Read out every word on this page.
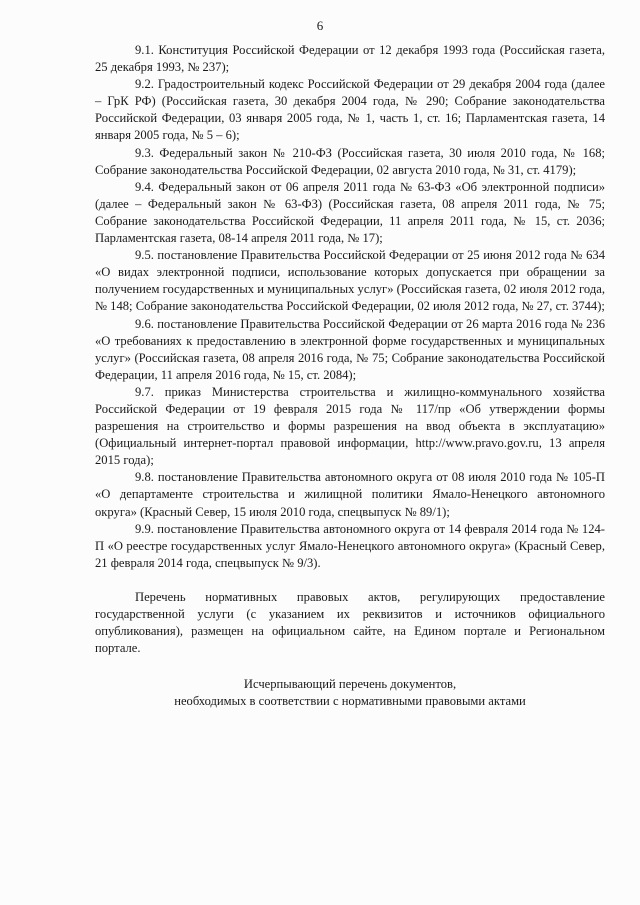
6

9.1. Конституция Российской Федерации от 12 декабря 1993 года (Российская газета, 25 декабря 1993, № 237);

9.2. Градостроительный кодекс Российской Федерации от 29 декабря 2004 года (далее – ГрК РФ) (Российская газета, 30 декабря 2004 года, № 290; Собрание законодательства Российской Федерации, 03 января 2005 года, № 1, часть 1, ст. 16; Парламентская газета, 14 января 2005 года, № 5 – 6);

9.3. Федеральный закон № 210-ФЗ (Российская газета, 30 июля 2010 года, № 168; Собрание законодательства Российской Федерации, 02 августа 2010 года, № 31, ст. 4179);

9.4. Федеральный закон от 06 апреля 2011 года № 63-ФЗ «Об электронной подписи» (далее – Федеральный закон № 63-ФЗ) (Российская газета, 08 апреля 2011 года, № 75; Собрание законодательства Российской Федерации, 11 апреля 2011 года, № 15, ст. 2036; Парламентская газета, 08-14 апреля 2011 года, № 17);

9.5. постановление Правительства Российской Федерации от 25 июня 2012 года № 634 «О видах электронной подписи, использование которых допускается при обращении за получением государственных и муниципальных услуг» (Российская газета, 02 июля 2012 года, № 148; Собрание законодательства Российской Федерации, 02 июля 2012 года, № 27, ст. 3744);

9.6. постановление Правительства Российской Федерации от 26 марта 2016 года № 236 «О требованиях к предоставлению в электронной форме государственных и муниципальных услуг» (Российская газета, 08 апреля 2016 года, № 75; Собрание законодательства Российской Федерации, 11 апреля 2016 года, № 15, ст. 2084);

9.7. приказ Министерства строительства и жилищно-коммунального хозяйства Российской Федерации от 19 февраля 2015 года № 117/пр «Об утверждении формы разрешения на строительство и формы разрешения на ввод объекта в эксплуатацию» (Официальный интернет-портал правовой информации, http://www.pravo.gov.ru, 13 апреля 2015 года);

9.8. постановление Правительства автономного округа от 08 июля 2010 года № 105-П «О департаменте строительства и жилищной политики Ямало-Ненецкого автономного округа» (Красный Север, 15 июля 2010 года, спецвыпуск № 89/1);

9.9. постановление Правительства автономного округа от 14 февраля 2014 года № 124-П «О реестре государственных услуг Ямало-Ненецкого автономного округа» (Красный Север, 21 февраля 2014 года, спецвыпуск № 9/3).

Перечень нормативных правовых актов, регулирующих предоставление государственной услуги (с указанием их реквизитов и источников официального опубликования), размещен на официальном сайте, на Едином портале и Региональном портале.

Исчерпывающий перечень документов,
необходимых в соответствии с нормативными правовыми актами
